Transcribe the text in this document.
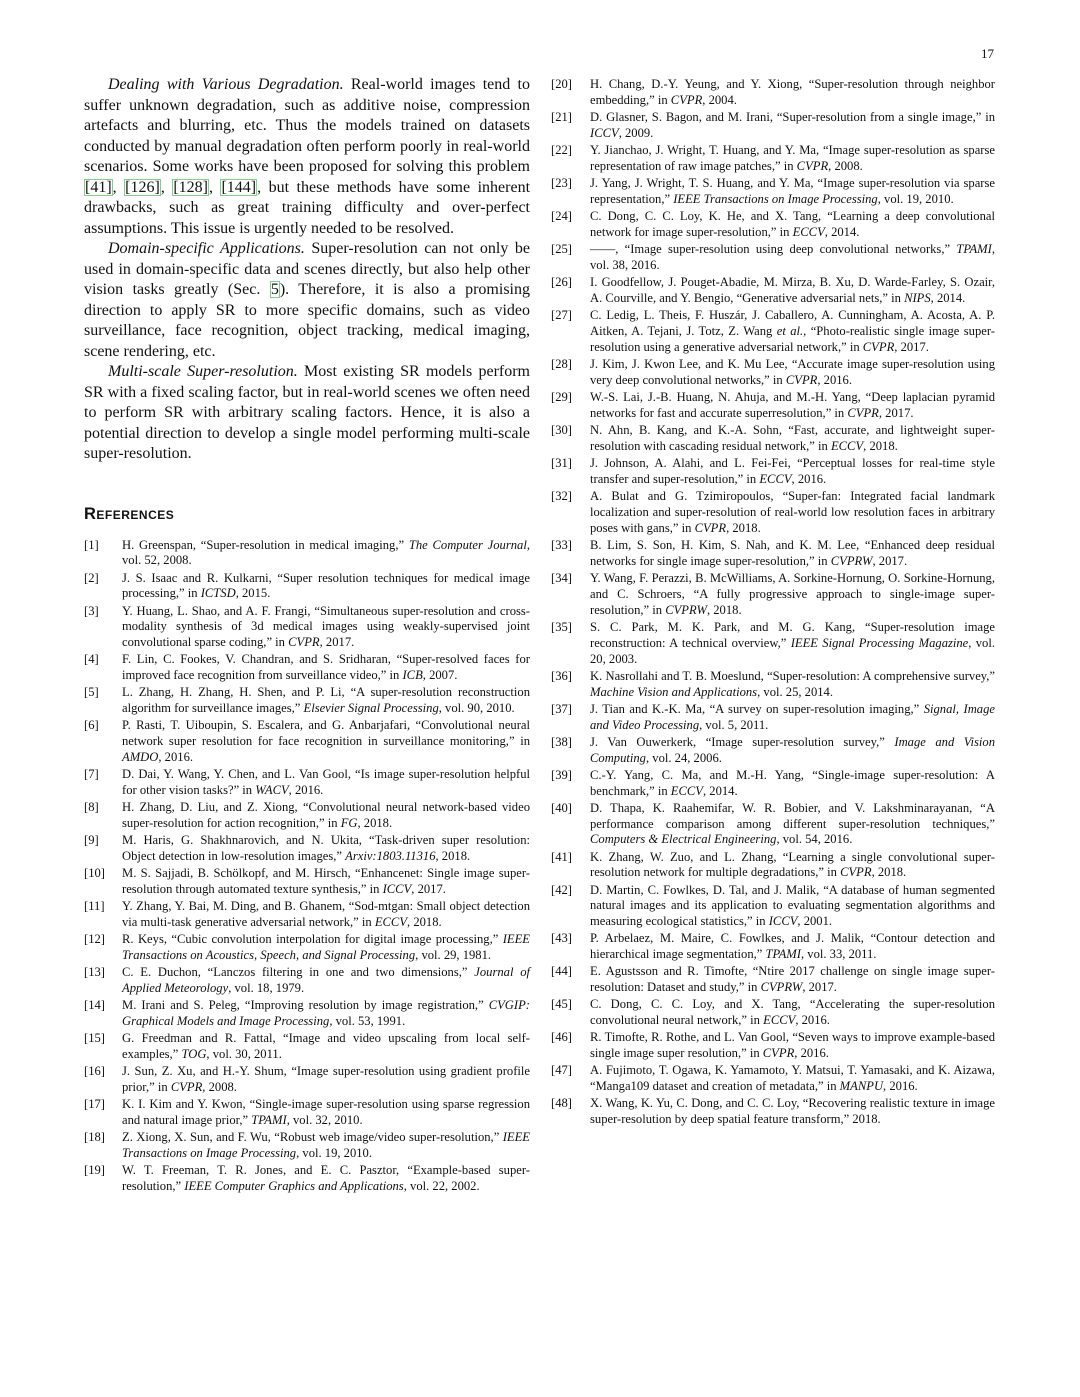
17

Dealing with Various Degradation. Real-world images tend to suffer unknown degradation, such as additive noise, compression artefacts and blurring, etc. Thus the models trained on datasets conducted by manual degradation often perform poorly in real-world scenarios. Some works have been proposed for solving this problem [41], [126], [128], [144], but these methods have some inherent drawbacks, such as great training difficulty and over-perfect assumptions. This issue is urgently needed to be resolved.

Domain-specific Applications. Super-resolution can not only be used in domain-specific data and scenes directly, but also help other vision tasks greatly (Sec. 5). Therefore, it is also a promising direction to apply SR to more specific domains, such as video surveillance, face recognition, object tracking, medical imaging, scene rendering, etc.

Multi-scale Super-resolution. Most existing SR models perform SR with a fixed scaling factor, but in real-world scenes we often need to perform SR with arbitrary scaling factors. Hence, it is also a potential direction to develop a single model performing multi-scale super-resolution.

References
[1]	H. Greenspan, “Super-resolution in medical imaging,” The Computer Journal, vol. 52, 2008.
[2]	J. S. Isaac and R. Kulkarni, “Super resolution techniques for medical image processing,” in ICTSD, 2015.
[3]	Y. Huang, L. Shao, and A. F. Frangi, “Simultaneous super-resolution and cross-modality synthesis of 3d medical images using weakly-supervised joint convolutional sparse coding,” in CVPR, 2017.
[4]	F. Lin, C. Fookes, V. Chandran, and S. Sridharan, “Super-resolved faces for improved face recognition from surveillance video,” in ICB, 2007.
[5]	L. Zhang, H. Zhang, H. Shen, and P. Li, “A super-resolution reconstruction algorithm for surveillance images,” Elsevier Signal Processing, vol. 90, 2010.
[6]	P. Rasti, T. Uiboupin, S. Escalera, and G. Anbarjafari, “Convolutional neural network super resolution for face recognition in surveillance monitoring,” in AMDO, 2016.
[7]	D. Dai, Y. Wang, Y. Chen, and L. Van Gool, “Is image super-resolution helpful for other vision tasks?” in WACV, 2016.
[8]	H. Zhang, D. Liu, and Z. Xiong, “Convolutional neural network-based video super-resolution for action recognition,” in FG, 2018.
[9]	M. Haris, G. Shakhnarovich, and N. Ukita, “Task-driven super resolution: Object detection in low-resolution images,” Arxiv:1803.11316, 2018.
[10]	M. S. Sajjadi, B. Schölkopf, and M. Hirsch, “Enhancenet: Single image super-resolution through automated texture synthesis,” in ICCV, 2017.
[11]	Y. Zhang, Y. Bai, M. Ding, and B. Ghanem, “Sod-mtgan: Small object detection via multi-task generative adversarial network,” in ECCV, 2018.
[12]	R. Keys, “Cubic convolution interpolation for digital image processing,” IEEE Transactions on Acoustics, Speech, and Signal Processing, vol. 29, 1981.
[13]	C. E. Duchon, “Lanczos filtering in one and two dimensions,” Journal of Applied Meteorology, vol. 18, 1979.
[14]	M. Irani and S. Peleg, “Improving resolution by image registration,” CVGIP: Graphical Models and Image Processing, vol. 53, 1991.
[15]	G. Freedman and R. Fattal, “Image and video upscaling from local self-examples,” TOG, vol. 30, 2011.
[16]	J. Sun, Z. Xu, and H.-Y. Shum, “Image super-resolution using gradient profile prior,” in CVPR, 2008.
[17]	K. I. Kim and Y. Kwon, “Single-image super-resolution using sparse regression and natural image prior,” TPAMI, vol. 32, 2010.
[18]	Z. Xiong, X. Sun, and F. Wu, “Robust web image/video super-resolution,” IEEE Transactions on Image Processing, vol. 19, 2010.
[19]	W. T. Freeman, T. R. Jones, and E. C. Pasztor, “Example-based super-resolution,” IEEE Computer Graphics and Applications, vol. 22, 2002.
[20]	H. Chang, D.-Y. Yeung, and Y. Xiong, “Super-resolution through neighbor embedding,” in CVPR, 2004.
[21]	D. Glasner, S. Bagon, and M. Irani, “Super-resolution from a single image,” in ICCV, 2009.
[22]	Y. Jianchao, J. Wright, T. Huang, and Y. Ma, “Image super-resolution as sparse representation of raw image patches,” in CVPR, 2008.
[23]	J. Yang, J. Wright, T. S. Huang, and Y. Ma, “Image super-resolution via sparse representation,” IEEE Transactions on Image Processing, vol. 19, 2010.
[24]	C. Dong, C. C. Loy, K. He, and X. Tang, “Learning a deep convolutional network for image super-resolution,” in ECCV, 2014.
[25]	——, “Image super-resolution using deep convolutional networks,” TPAMI, vol. 38, 2016.
[26]	I. Goodfellow, J. Pouget-Abadie, M. Mirza, B. Xu, D. Warde-Farley, S. Ozair, A. Courville, and Y. Bengio, “Generative adversarial nets,” in NIPS, 2014.
[27]	C. Ledig, L. Theis, F. Huszár, J. Caballero, A. Cunningham, A. Acosta, A. P. Aitken, A. Tejani, J. Totz, Z. Wang et al., “Photo-realistic single image super-resolution using a generative adversarial network,” in CVPR, 2017.
[28]	J. Kim, J. Kwon Lee, and K. Mu Lee, “Accurate image super-resolution using very deep convolutional networks,” in CVPR, 2016.
[29]	W.-S. Lai, J.-B. Huang, N. Ahuja, and M.-H. Yang, “Deep laplacian pyramid networks for fast and accurate superresolution,” in CVPR, 2017.
[30]	N. Ahn, B. Kang, and K.-A. Sohn, “Fast, accurate, and lightweight super-resolution with cascading residual network,” in ECCV, 2018.
[31]	J. Johnson, A. Alahi, and L. Fei-Fei, “Perceptual losses for real-time style transfer and super-resolution,” in ECCV, 2016.
[32]	A. Bulat and G. Tzimiropoulos, “Super-fan: Integrated facial landmark localization and super-resolution of real-world low resolution faces in arbitrary poses with gans,” in CVPR, 2018.
[33]	B. Lim, S. Son, H. Kim, S. Nah, and K. M. Lee, “Enhanced deep residual networks for single image super-resolution,” in CVPRW, 2017.
[34]	Y. Wang, F. Perazzi, B. McWilliams, A. Sorkine-Hornung, O. Sorkine-Hornung, and C. Schroers, “A fully progressive approach to single-image super-resolution,” in CVPRW, 2018.
[35]	S. C. Park, M. K. Park, and M. G. Kang, “Super-resolution image reconstruction: A technical overview,” IEEE Signal Processing Magazine, vol. 20, 2003.
[36]	K. Nasrollahi and T. B. Moeslund, “Super-resolution: A comprehensive survey,” Machine Vision and Applications, vol. 25, 2014.
[37]	J. Tian and K.-K. Ma, “A survey on super-resolution imaging,” Signal, Image and Video Processing, vol. 5, 2011.
[38]	J. Van Ouwerkerk, “Image super-resolution survey,” Image and Vision Computing, vol. 24, 2006.
[39]	C.-Y. Yang, C. Ma, and M.-H. Yang, “Single-image super-resolution: A benchmark,” in ECCV, 2014.
[40]	D. Thapa, K. Raahemifar, W. R. Bobier, and V. Lakshminarayanan, “A performance comparison among different super-resolution techniques,” Computers & Electrical Engineering, vol. 54, 2016.
[41]	K. Zhang, W. Zuo, and L. Zhang, “Learning a single convolutional super-resolution network for multiple degradations,” in CVPR, 2018.
[42]	D. Martin, C. Fowlkes, D. Tal, and J. Malik, “A database of human segmented natural images and its application to evaluating segmentation algorithms and measuring ecological statistics,” in ICCV, 2001.
[43]	P. Arbelaez, M. Maire, C. Fowlkes, and J. Malik, “Contour detection and hierarchical image segmentation,” TPAMI, vol. 33, 2011.
[44]	E. Agustsson and R. Timofte, “Ntire 2017 challenge on single image super-resolution: Dataset and study,” in CVPRW, 2017.
[45]	C. Dong, C. C. Loy, and X. Tang, “Accelerating the super-resolution convolutional neural network,” in ECCV, 2016.
[46]	R. Timofte, R. Rothe, and L. Van Gool, “Seven ways to improve example-based single image super resolution,” in CVPR, 2016.
[47]	A. Fujimoto, T. Ogawa, K. Yamamoto, Y. Matsui, T. Yamasaki, and K. Aizawa, “Manga109 dataset and creation of metadata,” in MANPU, 2016.
[48]	X. Wang, K. Yu, C. Dong, and C. C. Loy, “Recovering realistic texture in image super-resolution by deep spatial feature transform,” 2018.
